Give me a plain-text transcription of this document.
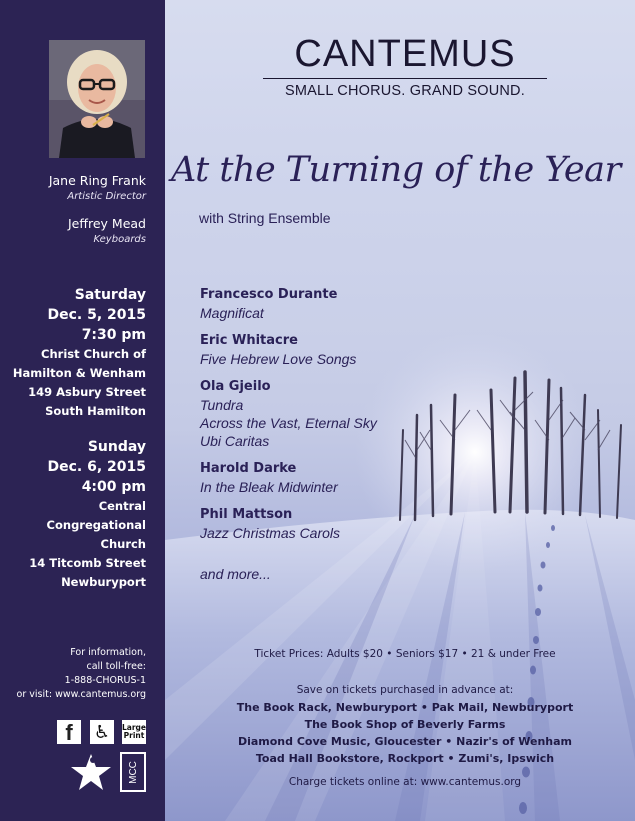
Jane Ring Frank
Artistic Director
Jeffrey Mead
Keyboards
Saturday
Dec. 5, 2015
7:30 pm
Christ Church of
Hamilton & Wenham
149 Asbury Street
South Hamilton
Sunday
Dec. 6, 2015
4:00 pm
Central
Congregational
Church
14 Titcomb Street
Newburyport
For information,
call toll-free:
1-888-CHORUS-1
or visit: www.cantemus.org
f ♿ Large
Print
MCC
CANTEMUS
SMALL CHORUS. GRAND SOUND.
At the Turning of the Year
with String Ensemble
Francesco Durante
Magnificat
Eric Whitacre
Five Hebrew Love Songs
Ola Gjeilo
Tundra
Across the Vast, Eternal Sky
Ubi Caritas
Harold Darke
In the Bleak Midwinter
Phil Mattson
Jazz Christmas Carols
and more...
Ticket Prices: Adults $20 • Seniors $17 • 21 & under Free
Save on tickets purchased in advance at:
The Book Rack, Newburyport • Pak Mail, Newburyport
The Book Shop of Beverly Farms
Diamond Cove Music, Gloucester • Nazir's of Wenham
Toad Hall Bookstore, Rockport • Zumi's, Ipswich
Charge tickets online at: www.cantemus.org
